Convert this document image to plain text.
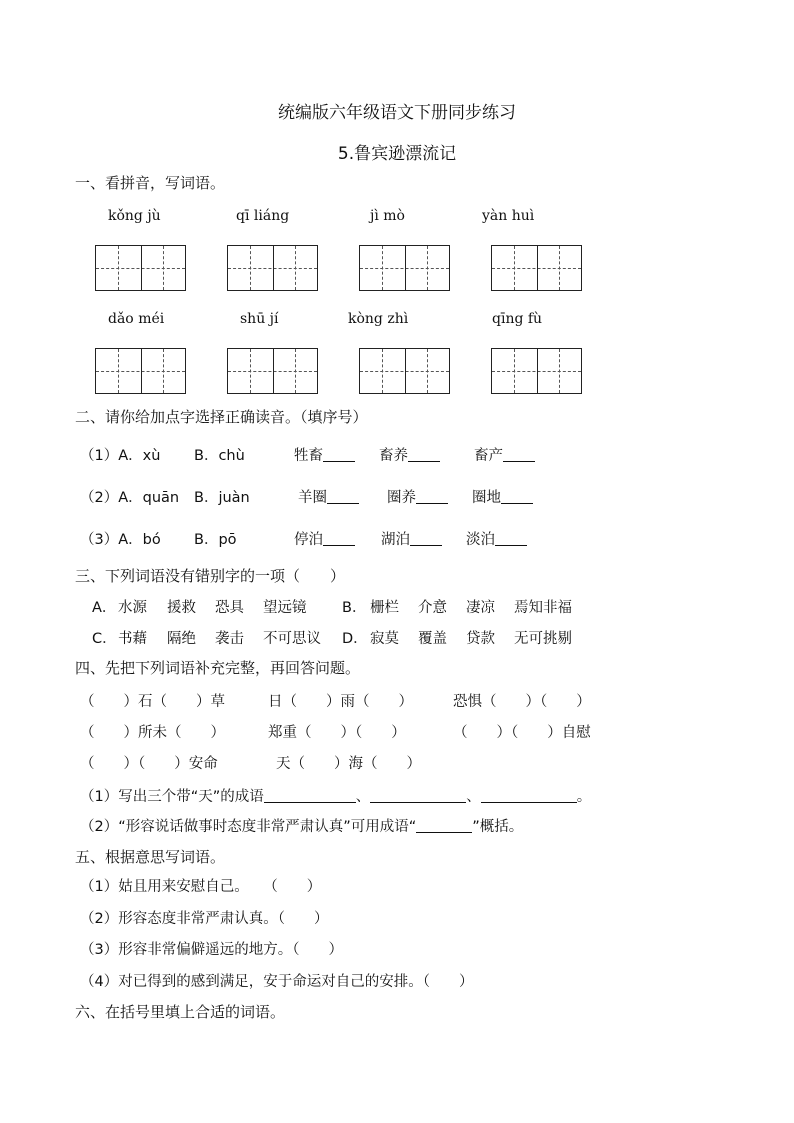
统编版六年级语文下册同步练习
5.鲁宾逊漂流记
一、看拼音，写词语。
kǒng jù	qī liáng	jì mò	yàn huì
dǎo méi	shū jí	kòng zhì	qīng fù
二、请你给加点字选择正确读音。（填序号）
（1）A．xù B．chù	牲畜	畜养	畜产
（2）A．quān B．juàn	羊圈	圈养	圈地
（3）A．bó B．pō	停泊	湖泊	淡泊
三、下列词语没有错别字的一项（　　）
A． 水源 援救 恐具 望远镜 B． 栅栏 介意 凄凉 焉知非福
C． 书藉 隔绝 袭击 不可思议 D． 寂莫 覆盖 贷款 无可挑剔
四、先把下列词语补充完整，再回答问题。
（　　）石（　　）草	日（　　）雨（　　）	恐惧（　　）（　　）
（　　）所未（　　）	郑重（　　）（　　）	（　　）（　　）自慰
（　　）（　　）安命	天（　　）海（　　）
（1）写出三个带“天”的成语	、	、	。
（2）“形容说话做事时态度非常严肃认真”可用成语“	”概括。
五、根据意思写词语。
（1）姑且用来安慰自己。　　（　　）
（2）形容态度非常严肃认真。（　　）
（3）形容非常偏僻遥远的地方。（　　）
（4）对已得到的感到满足，安于命运对自己的安排。（　　）
六、在括号里填上合适的词语。
